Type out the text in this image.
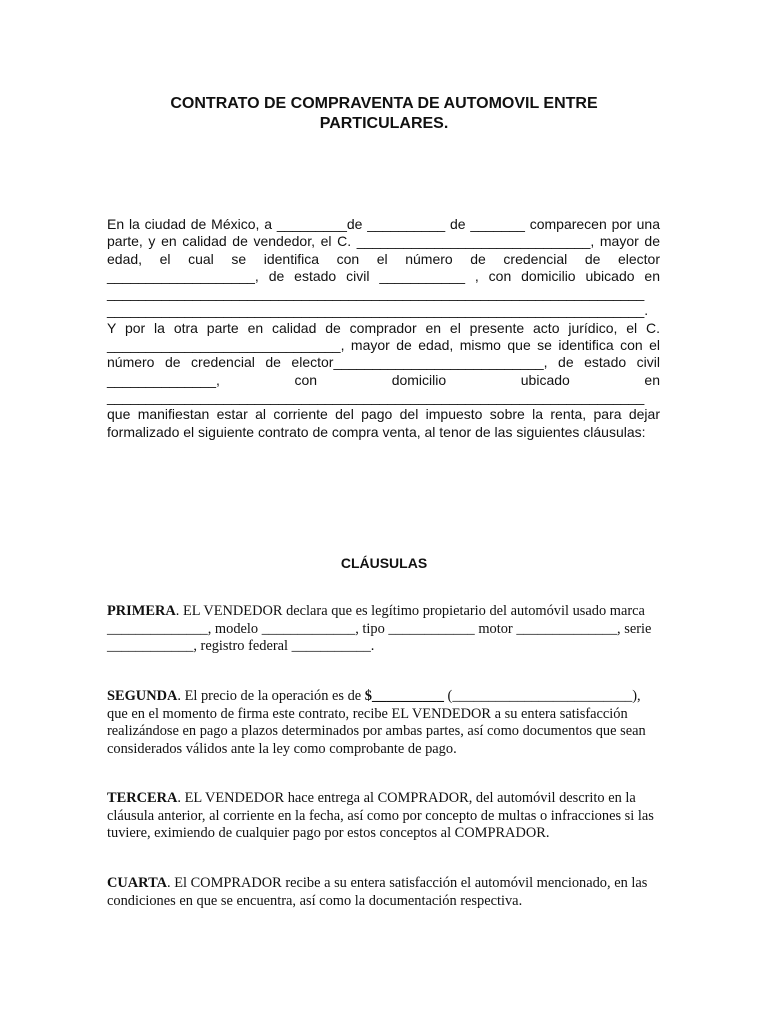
CONTRATO DE COMPRAVENTA DE AUTOMOVIL ENTRE PARTICULARES.

En la ciudad de México, a _________de __________ de _______ comparecen por una parte, y en calidad de vendedor, el C. ______________________________, mayor de edad, el cual se identifica con el número de credencial de elector ___________________, de estado civil ___________ , con domicilio ubicado en _____________________________________________________________________ _____________________________________________________________________.

Y por la otra parte en calidad de comprador en el presente acto jurídico, el C. ______________________________, mayor de edad, mismo que se identifica con el número de credencial de elector___________________________, de estado civil ______________, con domicilio ubicado en _____________________________________________________________________ que manifiestan estar al corriente del pago del impuesto sobre la renta, para dejar formalizado el siguiente contrato de compra venta, al tenor de las siguientes cláusulas:

CLÁUSULAS
PRIMERA. EL VENDEDOR declara que es legítimo propietario del automóvil usado marca ______________, modelo _____________, tipo ____________ motor ______________, serie ____________, registro federal ___________.
SEGUNDA. El precio de la operación es de $__________ (_________________________), que en el momento de firma este contrato, recibe EL VENDEDOR a su entera satisfacción realizándose en pago a plazos determinados por ambas partes, así como documentos que sean considerados válidos ante la ley como comprobante de pago.
TERCERA. EL VENDEDOR hace entrega al COMPRADOR, del automóvil descrito en la cláusula anterior, al corriente en la fecha, así como por concepto de multas o infracciones si las tuviere, eximiendo de cualquier pago por estos conceptos al COMPRADOR.
CUARTA. El COMPRADOR recibe a su entera satisfacción el automóvil mencionado, en las condiciones en que se encuentra, así como la documentación respectiva.
